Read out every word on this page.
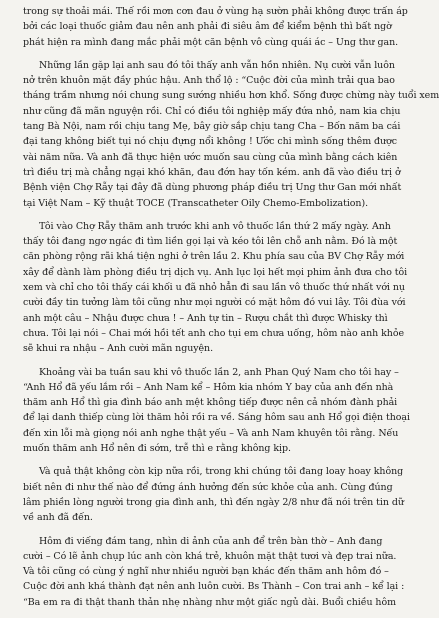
trong sự thoải mái. Thế rồi mơn cơn đau ở vùng hạ sườn phải không được trấn áp
bởi các loại thuốc giảm đau nên anh phải đi siêu âm để kiểm bệnh thì bất ngờ
phát hiện ra mình đang mắc phải một căn bệnh vô cùng quái ác – Ung thư gan.
Những lần gặp lại anh sau đó tôi thấy anh vẫn hồn nhiên. Nụ cười vẫn luôn
nở trên khuôn mặt đầy phúc hậu. Anh thổ lộ : “Cuộc đời của mình trải qua bao
tháng trầm nhưng nói chung sung sướng nhiều hơn khổ. Sống được chừng này tuổi xem
như cũng đã mãn nguyện rồi. Chỉ có điều tôi nghiệp mấy đứa nhỏ, nam kia chịu
tang Bà Nội, nam rồi chịu tang Mẹ, bây giờ sắp chịu tang Cha – Bốn năm ba cái
đại tang không biết tụi nó chịu đựng nổi không ! Ước chi mình sống thêm được
vài năm nữa. Và anh đã thực hiện ước muốn sau cùng của mình bằng cách kiên
trì điều trị mà chẳng ngại khó khăn, đau đớn hay tốn kém. anh đã vào điều trị ở
Bệnh viện Chợ Rẫy tại đây đã dùng phương pháp điều trị Ung thư Gan mới nhất
tại Việt Nam – Kỹ thuật TOCE (Transcatheter Oily Chemo-Embolization).
Tôi vào Chợ Rẫy thăm anh trước khi anh vô thuốc lần thứ 2 mấy ngày. Anh
thấy tôi đang ngơ ngác đi tìm liền gọi lại và kéo tôi lên chỗ anh nằm. Đó là một
căn phòng rộng rãi khá tiện nghi ở trên lầu 2. Khu phía sau của BV Chợ Rẫy mới
xây để dành làm phòng điều trị dịch vụ. Anh lục lọi hết mọi phim ảnh đưa cho tôi
xem và chỉ cho tôi thấy cái khối u đã nhỏ hẳn đi sau lần vô thuốc thứ nhất với nụ
cười đầy tin tưởng làm tôi cũng như mọi người có mặt hôm đó vui lây. Tôi đùa với
anh một câu – Nhậu được chưa ! – Anh tự tin – Rượu chắt thì được Whisky thì
chưa. Tôi lại nói – Chai mới hồi tết anh cho tụi em chưa uống, hôm nào anh khỏe
sẽ khui ra nhậu – Anh cười mãn nguyện.
Khoảng vài ba tuần sau khi vô thuốc lần 2, anh Phan Quý Nam cho tôi hay –
“Anh Hổ đã yếu lắm rồi – Anh Nam kể – Hôm kia nhóm Y bay của anh đến nhà
thăm anh Hổ thì gia đình báo anh mệt không tiếp được nên cả nhóm đành phải
để lại danh thiếp cùng lời thăm hỏi rồi ra về. Sáng hôm sau anh Hổ gọi điện thoại
đến xin lỗi mà giọng nói anh nghe thật yếu – Và anh Nam khuyên tôi rằng. Nếu
muốn thăm anh Hổ nên đi sớm, trễ thì e rằng không kịp.
Và quả thật không còn kịp nữa rồi, trong khi chúng tôi đang loay hoay không
biết nên đi như thế nào để đứng ánh hưởng đến sức khỏe của anh. Cùng đúng
lâm phiền lòng người trong gia đình anh, thì đến ngày 2/8 như đã nói trên tin dữ
về anh đã đến.
Hôm đi viếng đám tang, nhìn di ảnh của anh để trên bàn thờ – Anh đang
cười – Có lẽ ảnh chụp lúc anh còn khá trẻ, khuôn mặt thật tươi và đẹp trai nữa.
Và tôi cũng có cùng ý nghĩ như nhiều người bạn khác đến thăm anh hôm đó –
Cuộc đời anh khá thành đạt nên anh luôn cười. Bs Thành – Con trai anh – kể lại :
“Ba em ra đi thật thanh thản nhẹ nhàng như một giấc ngủ dài. Buổi chiều hôm
